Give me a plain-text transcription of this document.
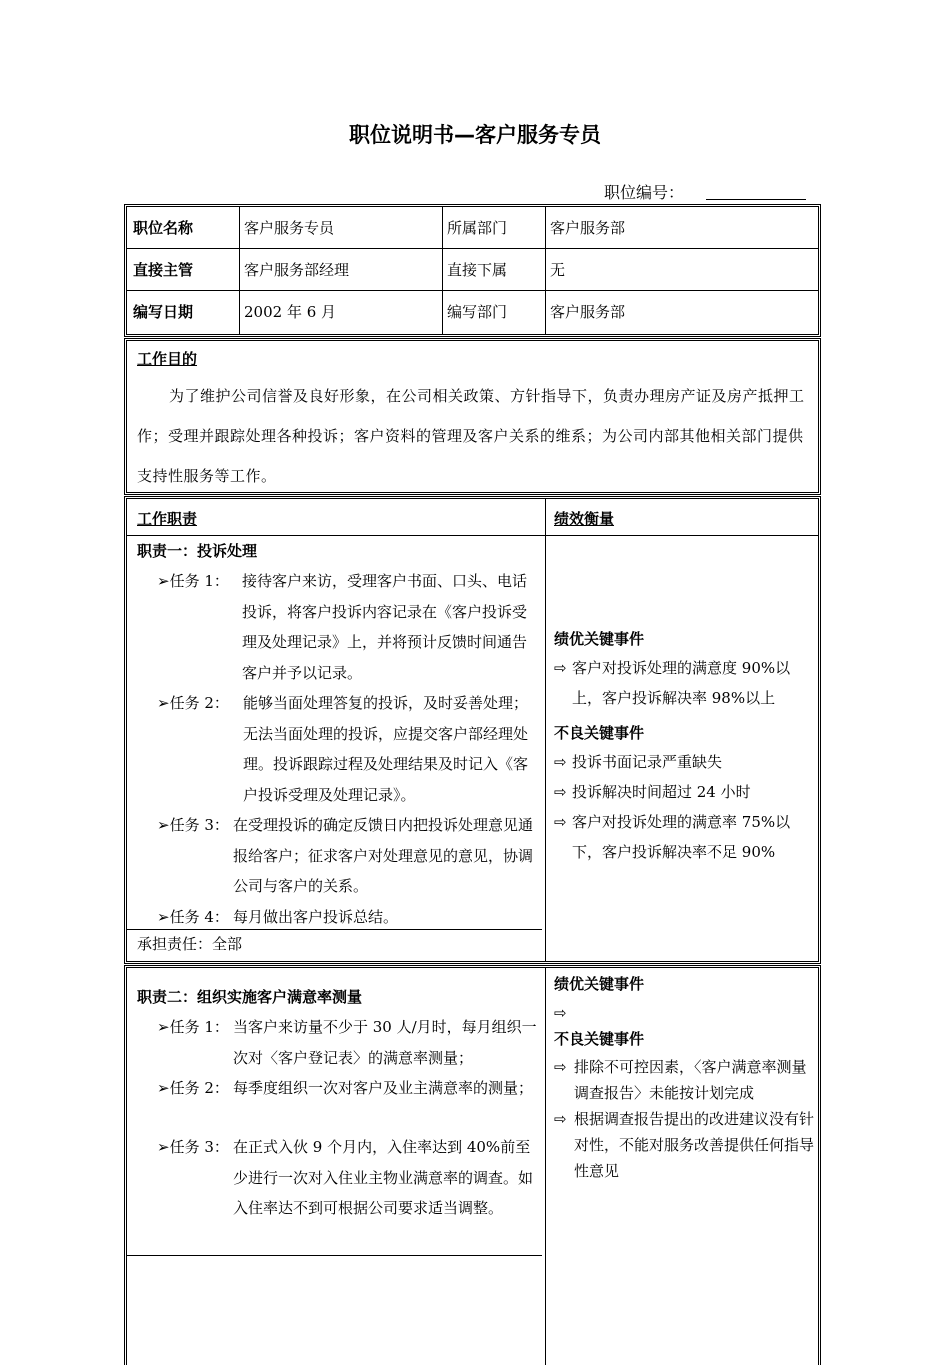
职位说明书—客户服务专员
职位编号：
职位名称	客户服务专员	所属部门	客户服务部
直接主管	客户服务部经理	直接下属	无
编写日期	2002 年 6 月	编写部门	客户服务部
工作目的
为了维护公司信誉及良好形象，在公司相关政策、方针指导下，负责办理房产证及房产抵押工作；受理并跟踪处理各种投诉；客户资料的管理及客户关系的维系；为公司内部其他相关部门提供支持性服务等工作。
工作职责	绩效衡量
职责一：投诉处理
➢任务 1： 接待客户来访，受理客户书面、口头、电话投诉，将客户投诉内容记录在《客户投诉受理及处理记录》上，并将预计反馈时间通告客户并予以记录。
➢任务 2： 能够当面处理答复的投诉，及时妥善处理；无法当面处理的投诉，应提交客户部经理处理。投诉跟踪过程及处理结果及时记入《客户投诉受理及处理记录》。
➢任务 3： 在受理投诉的确定反馈日内把投诉处理意见通报给客户；征求客户对处理意见的意见，协调公司与客户的关系。
➢任务 4： 每月做出客户投诉总结。
承担责任：全部
绩优关键事件
⇨ 客户对投诉处理的满意度 90%以上，客户投诉解决率 98%以上
不良关键事件
⇨ 投诉书面记录严重缺失
⇨ 投诉解决时间超过 24 小时
⇨ 客户对投诉处理的满意率 75%以下，客户投诉解决率不足 90%
职责二：组织实施客户满意率测量
➢任务 1： 当客户来访量不少于 30 人/月时，每月组织一次对〈客户登记表〉的满意率测量；
➢任务 2： 每季度组织一次对客户及业主满意率的测量；
➢任务 3： 在正式入伙 9 个月内，入住率达到 40%前至少进行一次对入住业主物业满意率的调查。如入住率达不到可根据公司要求适当调整。
绩优关键事件
⇨
不良关键事件
⇨ 排除不可控因素，〈客户满意率测量调查报告〉未能按计划完成
⇨ 根据调查报告提出的改进建议没有针对性，不能对服务改善提供任何指导性意见
